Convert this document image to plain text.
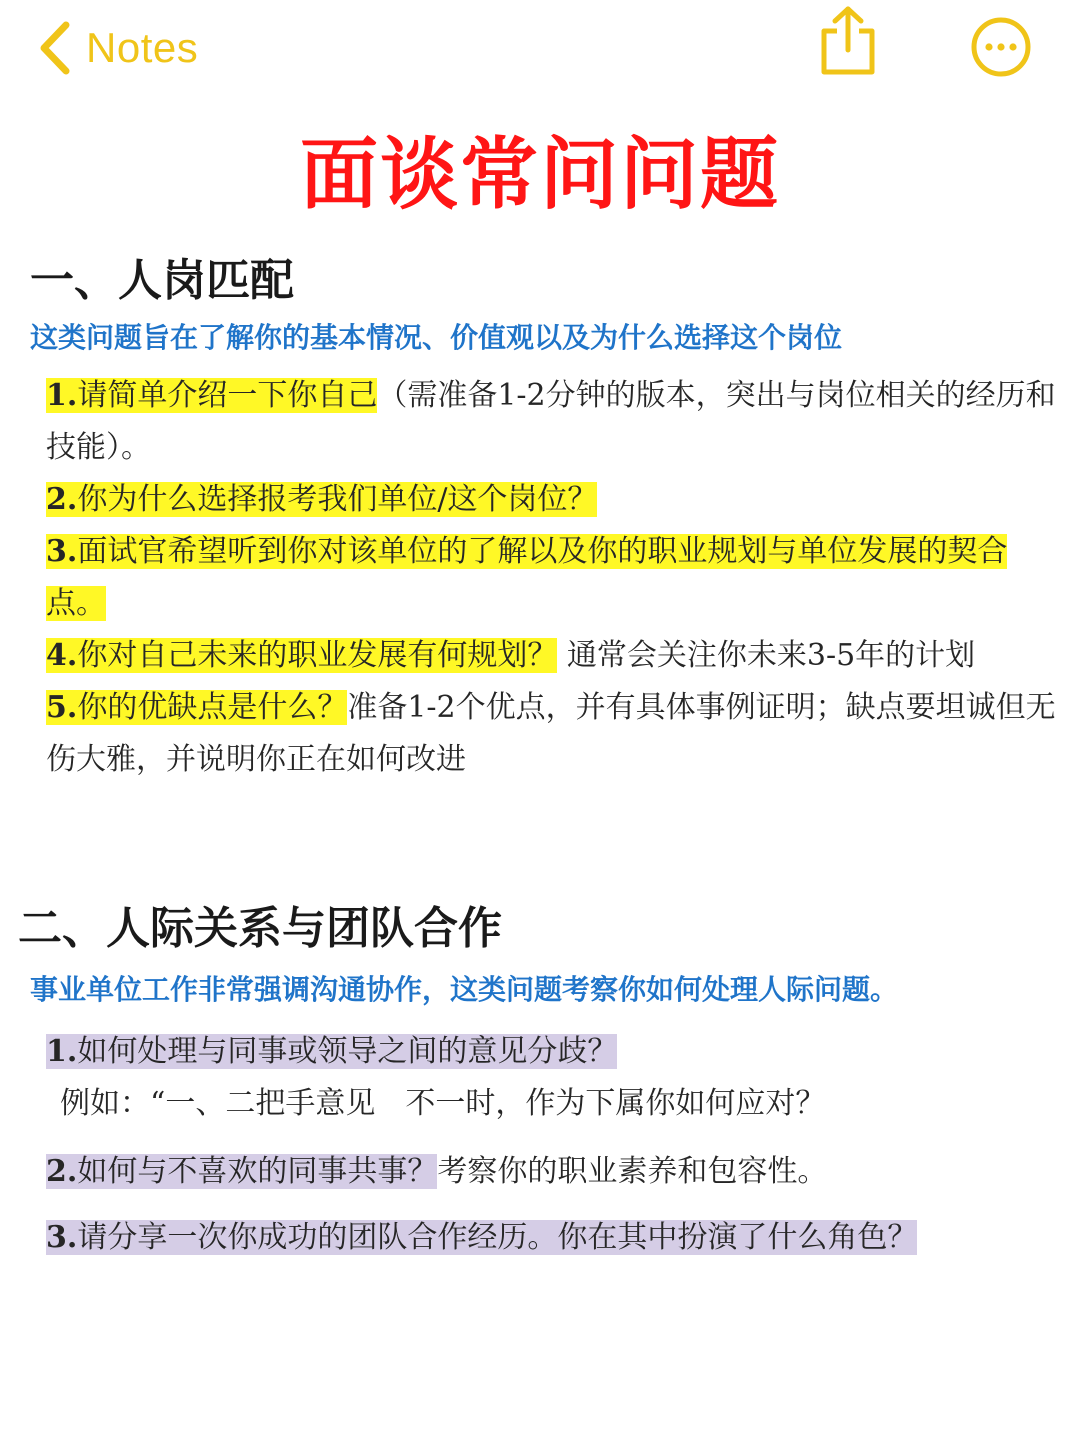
Notes
面谈常问问题
一、人岗匹配

这类问题旨在了解你的基本情况、价值观以及为什么选择这个岗位

1.请简单介绍一下你自己（需准备1-2分钟的版本，突出与岗位相关的经历和技能）。

2.你为什么选择报考我们单位/这个岗位？

3.面试官希望听到你对该单位的了解以及你的职业规划与单位发展的契合点。

4.你对自己未来的职业发展有何规划？ 通常会关注你未来3-5年的计划

5.你的优缺点是什么？准备1-2个优点，并有具体事例证明；缺点要坦诚但无伤大雅，并说明你正在如何改进

二、人际关系与团队合作

事业单位工作非常强调沟通协作，这类问题考察你如何处理人际问题。

1.如何处理与同事或领导之间的意见分歧？

例如：“一、二把手意见　不一时，作为下属你如何应对？

2.如何与不喜欢的同事共事？考察你的职业素养和包容性。

3.请分享一次你成功的团队合作经历。你在其中扮演了什么角色？
